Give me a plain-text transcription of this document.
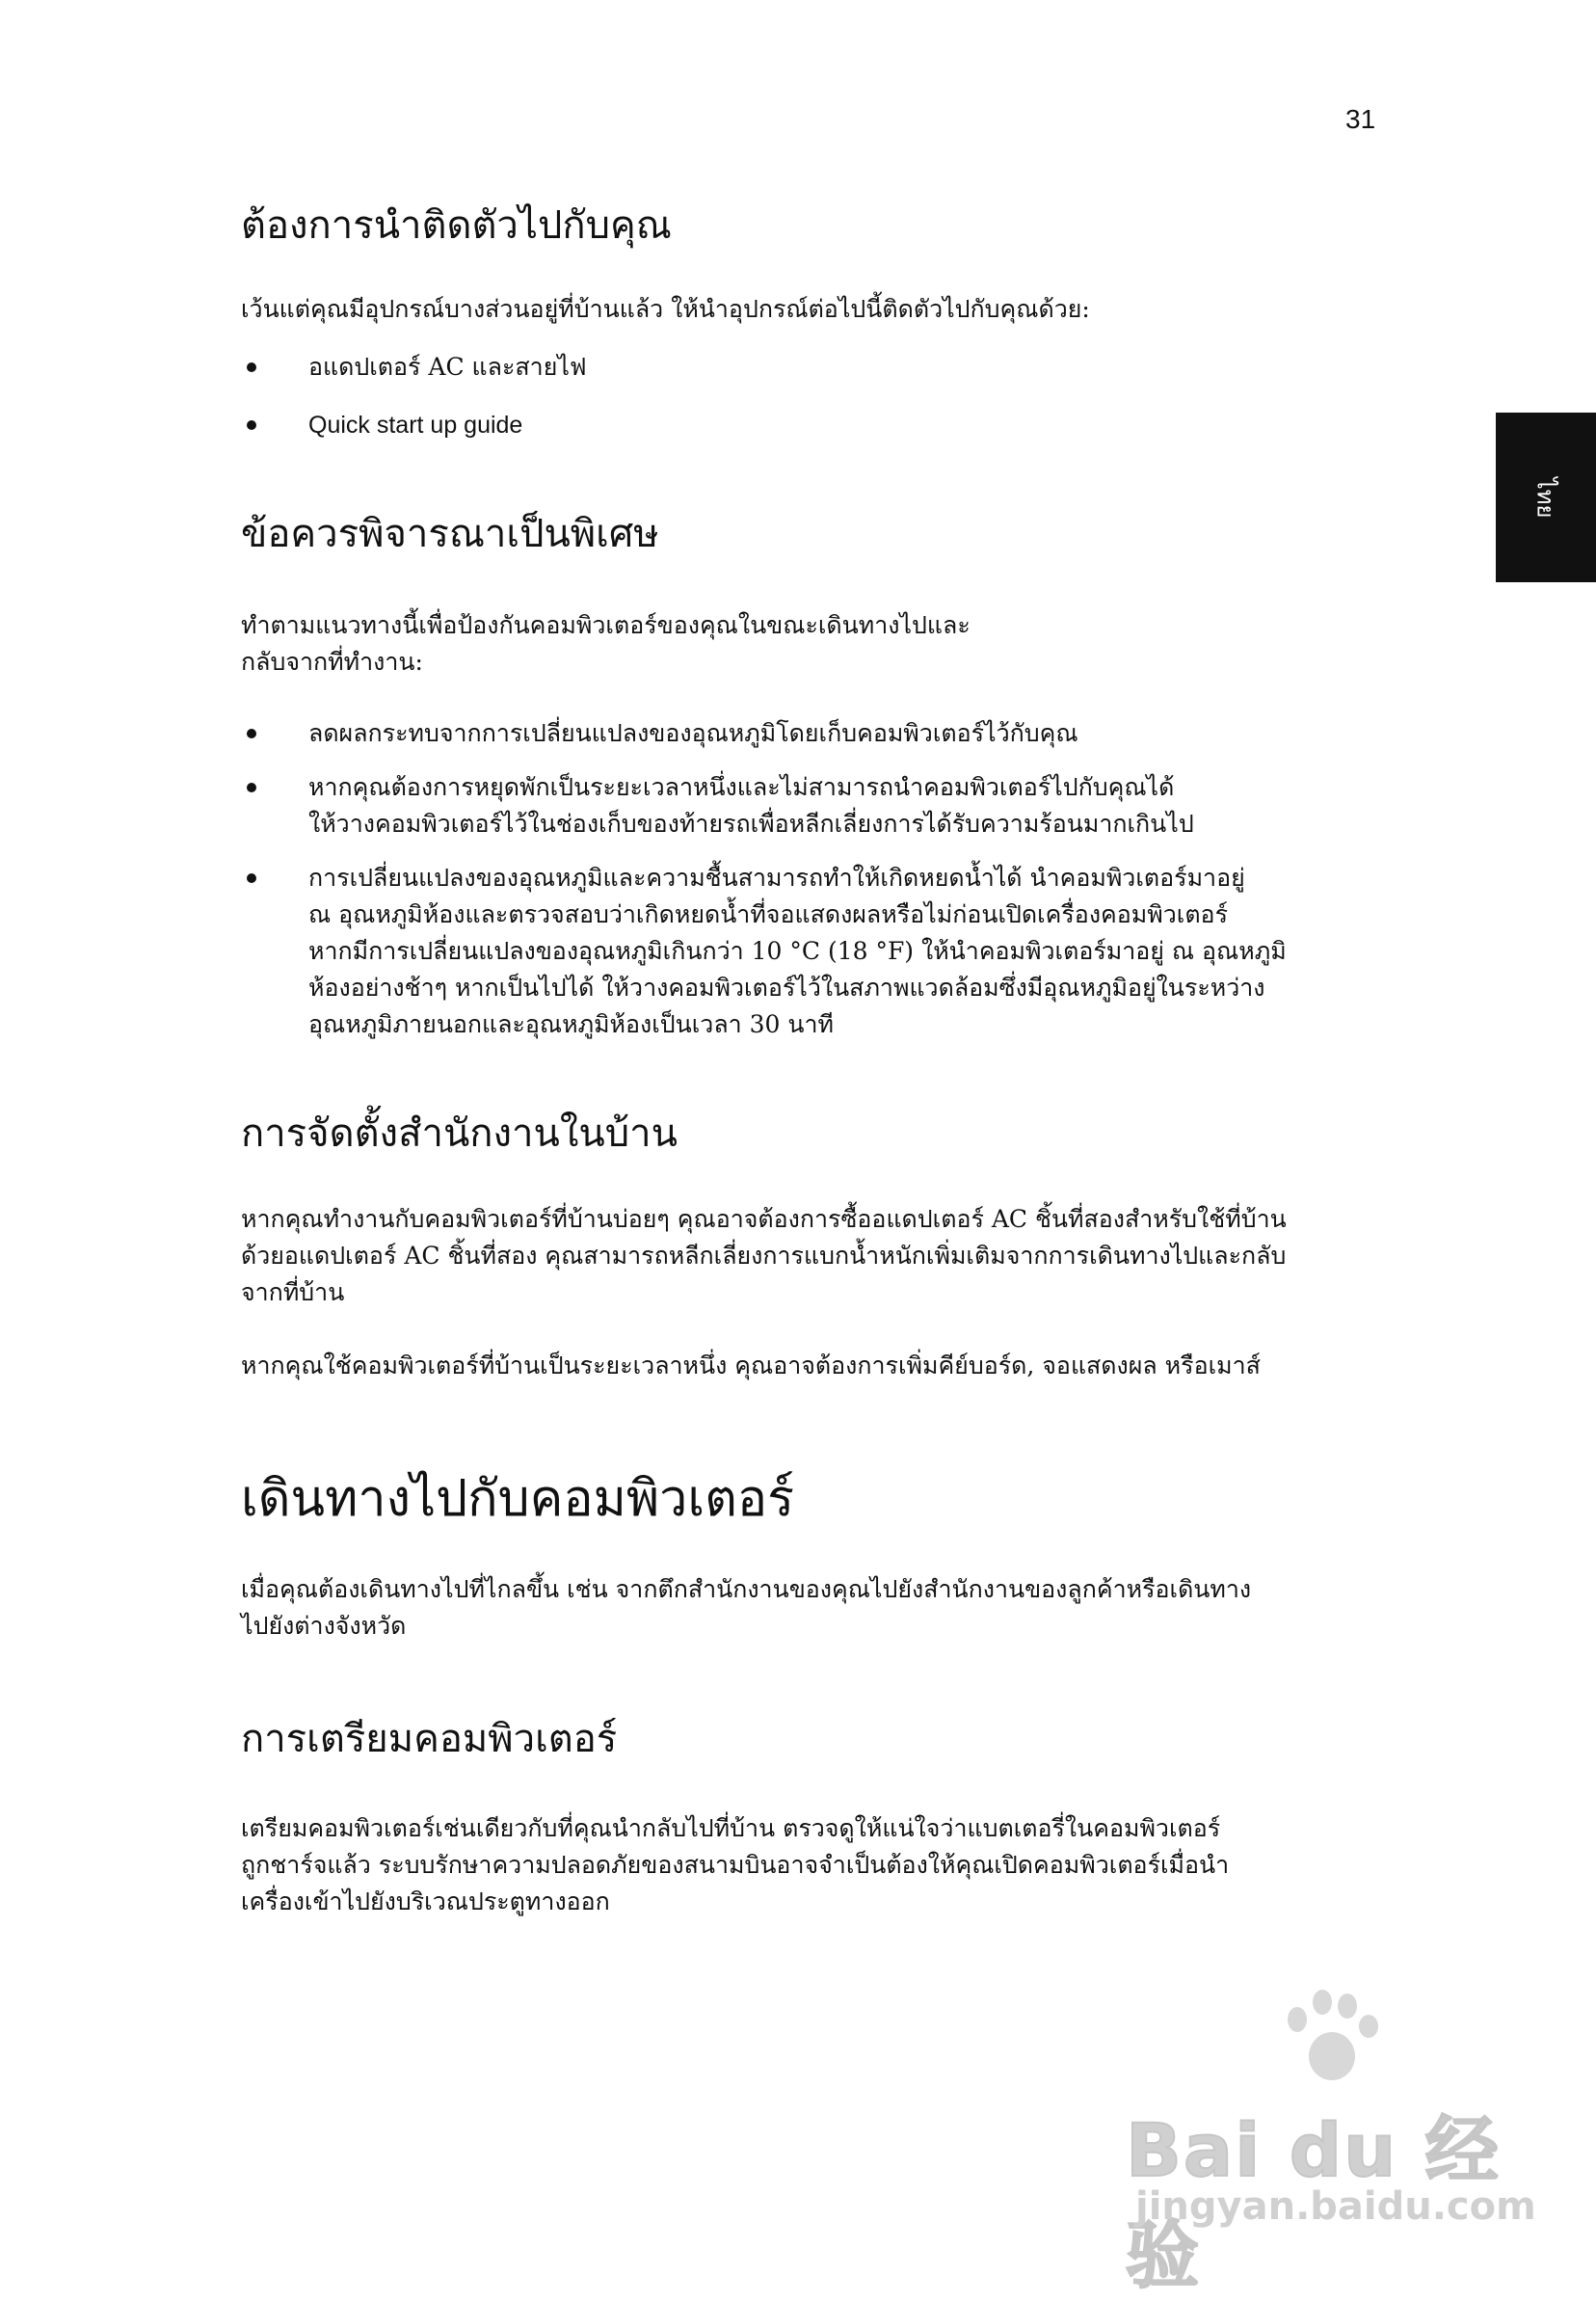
31
ไทย
ต้องการนำติดตัวไปกับคุณ

เว้นแต่คุณมีอุปกรณ์บางส่วนอยู่ที่บ้านแล้ว ให้นำอุปกรณ์ต่อไปนี้ติดตัวไปกับคุณด้วย:

อแดปเตอร์ AC และสายไฟ
Quick start up guide
ข้อควรพิจารณาเป็นพิเศษ

ทำตามแนวทางนี้เพื่อป้องกันคอมพิวเตอร์ของคุณในขณะเดินทางไปและ

กลับจากที่ทำงาน:

ลดผลกระทบจากการเปลี่ยนแปลงของอุณหภูมิโดยเก็บคอมพิวเตอร์ไว้กับคุณ
หากคุณต้องการหยุดพักเป็นระยะเวลาหนึ่งและไม่สามารถนำคอมพิวเตอร์ไปกับคุณได้
ให้วางคอมพิวเตอร์ไว้ในช่องเก็บของท้ายรถเพื่อหลีกเลี่ยงการได้รับความร้อนมากเกินไป
การเปลี่ยนแปลงของอุณหภูมิและความชื้นสามารถทำให้เกิดหยดน้ำได้ นำคอมพิวเตอร์มาอยู่
ณ อุณหภูมิห้องและตรวจสอบว่าเกิดหยดน้ำที่จอแสดงผลหรือไม่ก่อนเปิดเครื่องคอมพิวเตอร์
หากมีการเปลี่ยนแปลงของอุณหภูมิเกินกว่า 10 °C (18 °F) ให้นำคอมพิวเตอร์มาอยู่ ณ อุณหภูมิ
ห้องอย่างช้าๆ หากเป็นไปได้ ให้วางคอมพิวเตอร์ไว้ในสภาพแวดล้อมซึ่งมีอุณหภูมิอยู่ในระหว่าง
อุณหภูมิภายนอกและอุณหภูมิห้องเป็นเวลา 30 นาที
การจัดตั้งสำนักงานในบ้าน

หากคุณทำงานกับคอมพิวเตอร์ที่บ้านบ่อยๆ คุณอาจต้องการซื้ออแดปเตอร์ AC ชิ้นที่สองสำหรับใช้ที่บ้าน

ด้วยอแดปเตอร์ AC ชิ้นที่สอง คุณสามารถหลีกเลี่ยงการแบกน้ำหนักเพิ่มเติมจากการเดินทางไปและกลับ

จากที่บ้าน

หากคุณใช้คอมพิวเตอร์ที่บ้านเป็นระยะเวลาหนึ่ง คุณอาจต้องการเพิ่มคีย์บอร์ด, จอแสดงผล หรือเมาส์

เดินทางไปกับคอมพิวเตอร์

เมื่อคุณต้องเดินทางไปที่ไกลขึ้น เช่น จากตึกสำนักงานของคุณไปยังสำนักงานของลูกค้าหรือเดินทาง

ไปยังต่างจังหวัด

การเตรียมคอมพิวเตอร์

เตรียมคอมพิวเตอร์เช่นเดียวกับที่คุณนำกลับไปที่บ้าน ตรวจดูให้แน่ใจว่าแบตเตอรี่ในคอมพิวเตอร์

ถูกชาร์จแล้ว ระบบรักษาความปลอดภัยของสนามบินอาจจำเป็นต้องให้คุณเปิดคอมพิวเตอร์เมื่อนำ

เครื่องเข้าไปยังบริเวณประตูทางออก

Bai du 经验
jingyan.baidu.com
